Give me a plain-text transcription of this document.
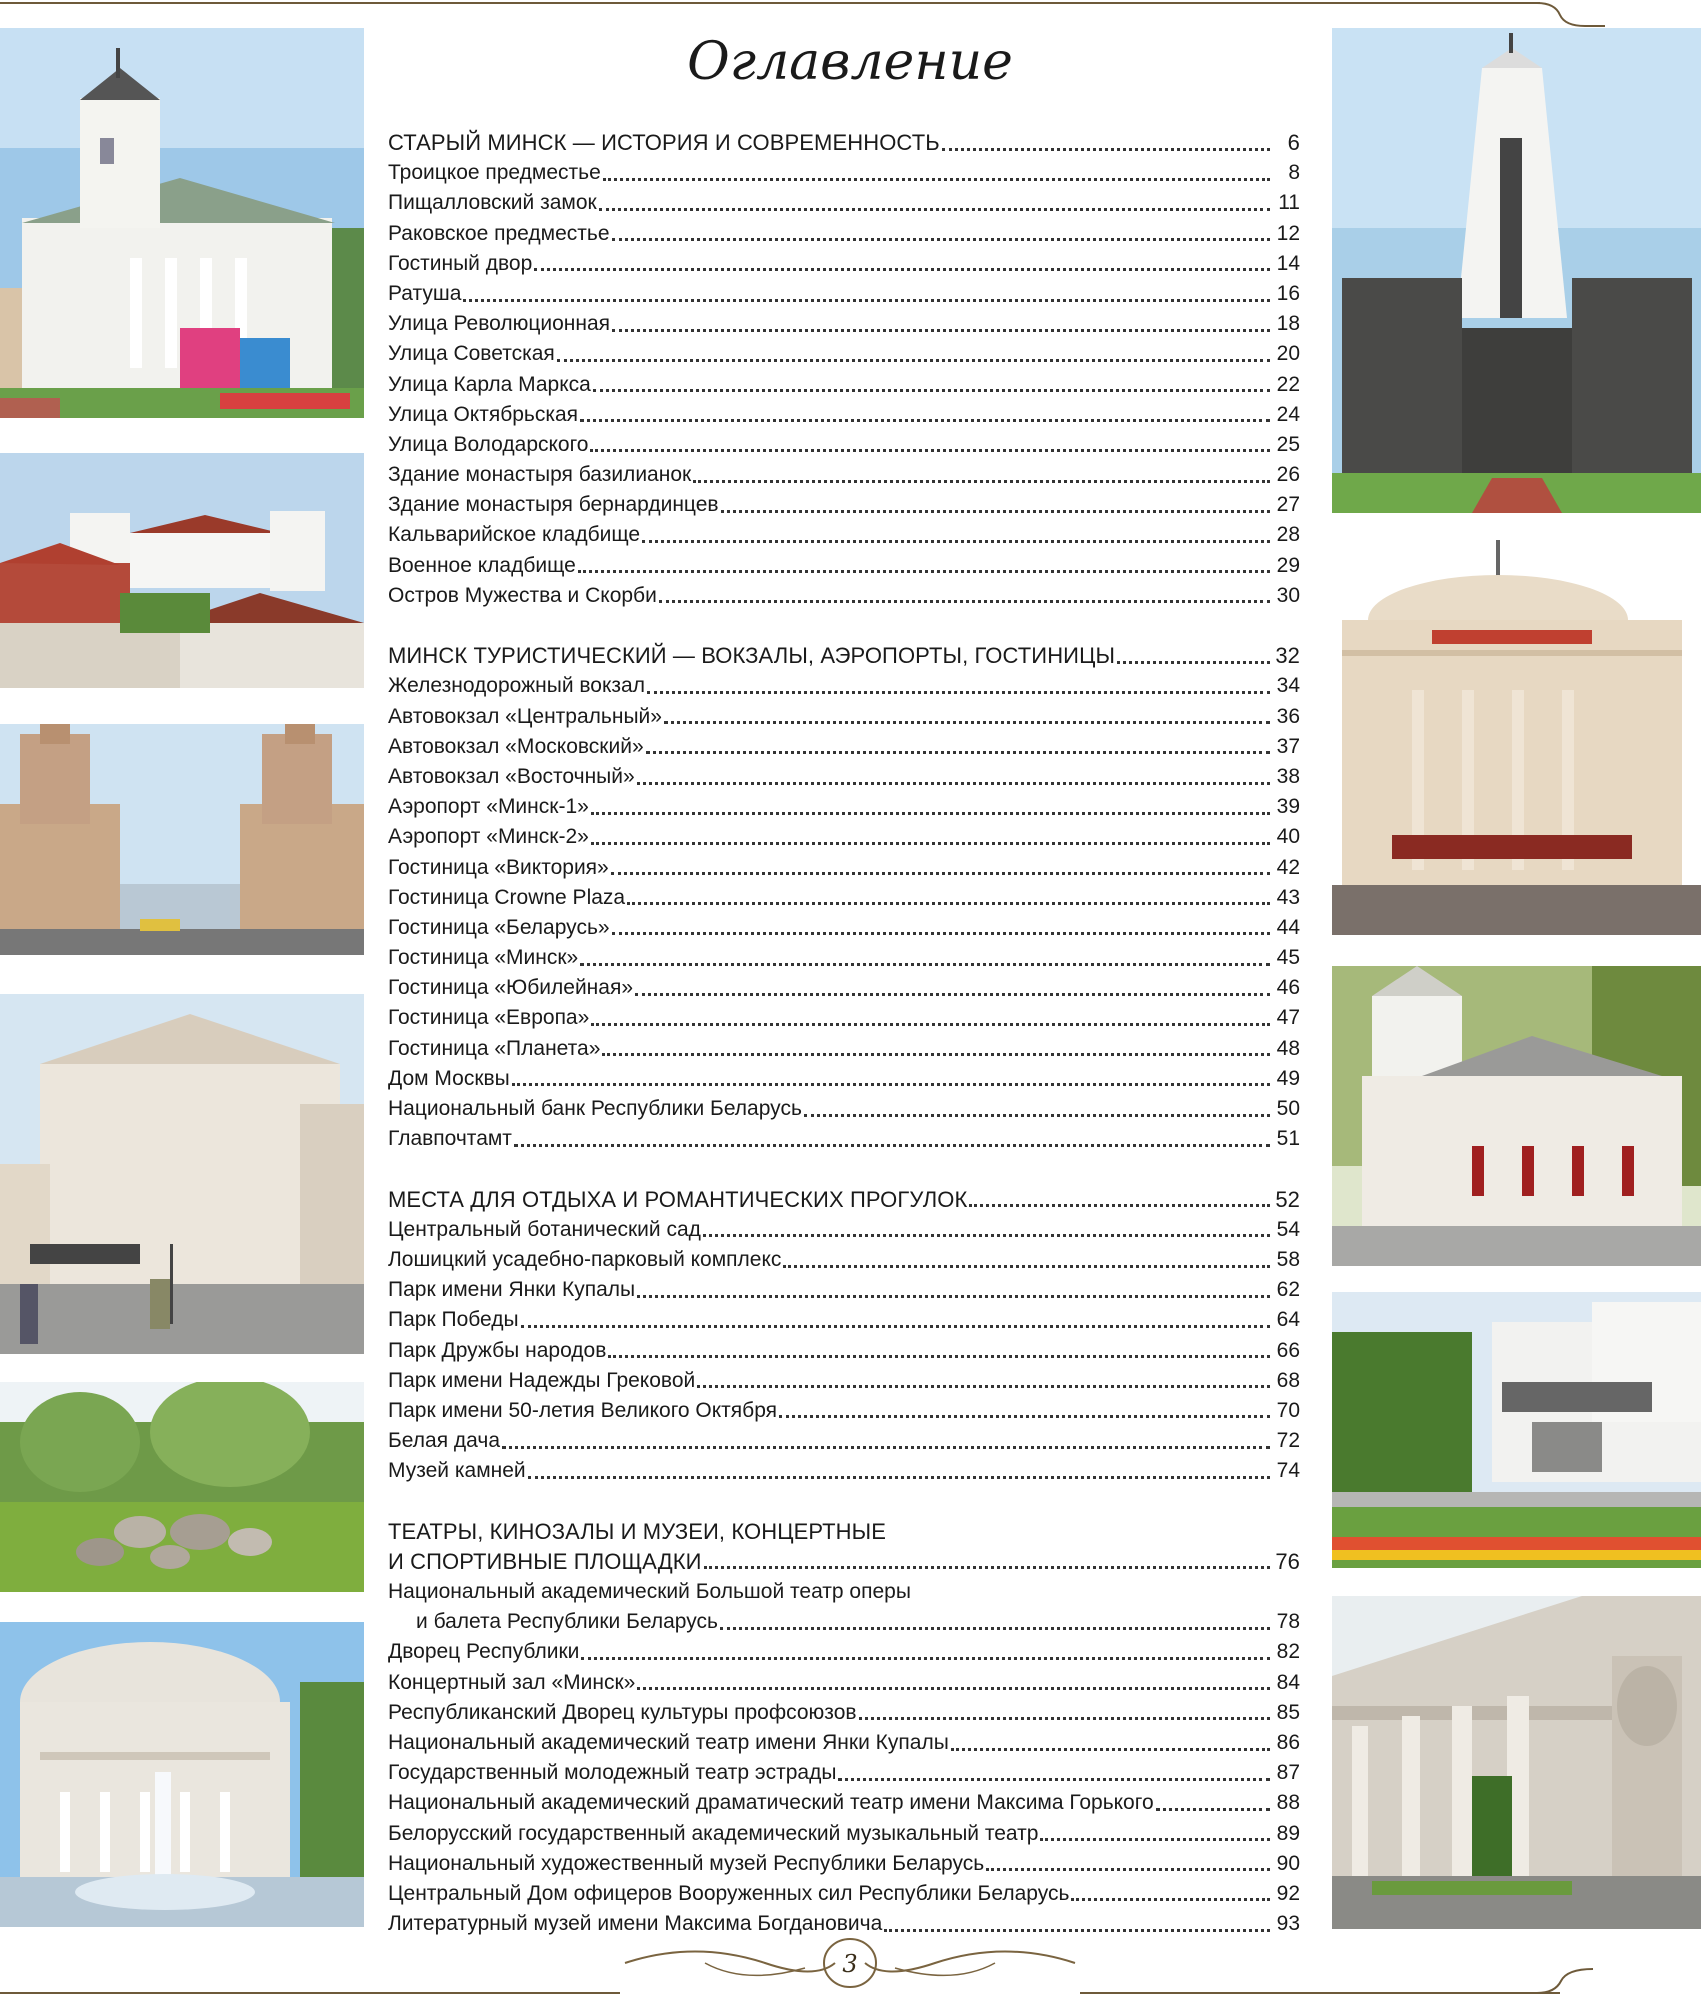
Оглавление
СТАРЫЙ МИНСК — ИСТОРИЯ И СОВРЕМЕННОСТЬ	6
Троицкое предместье	8
Пищалловский замок	11
Раковское предместье	12
Гостиный двор	14
Ратуша	16
Улица Революционная	18
Улица Советская	20
Улица Карла Маркса	22
Улица Октябрьская	24
Улица Володарского	25
Здание монастыря базилианок	26
Здание монастыря бернардинцев	27
Кальварийское кладбище	28
Военное кладбище	29
Остров Мужества и Скорби	30
МИНСК ТУРИСТИЧЕСКИЙ — ВОКЗАЛЫ, АЭРОПОРТЫ, ГОСТИНИЦЫ	32
Железнодорожный вокзал	34
Автовокзал «Центральный»	36
Автовокзал «Московский»	37
Автовокзал «Восточный»	38
Аэропорт «Минск-1»	39
Аэропорт «Минск-2»	40
Гостиница «Виктория»	42
Гостиница Crowne Plaza	43
Гостиница «Беларусь»	44
Гостиница «Минск»	45
Гостиница «Юбилейная»	46
Гостиница «Европа»	47
Гостиница «Планета»	48
Дом Москвы	49
Национальный банк Республики Беларусь	50
Главпочтамт	51
МЕСТА ДЛЯ ОТДЫХА И РОМАНТИЧЕСКИХ ПРОГУЛОК	52
Центральный ботанический сад	54
Лошицкий усадебно-парковый комплекс	58
Парк имени Янки Купалы	62
Парк Победы	64
Парк Дружбы народов	66
Парк имени Надежды Грековой	68
Парк имени 50-летия Великого Октября	70
Белая дача	72
Музей камней	74
ТЕАТРЫ, КИНОЗАЛЫ И МУЗЕИ, КОНЦЕРТНЫЕ
И СПОРТИВНЫЕ ПЛОЩАДКИ	76
Национальный академический Большой театр оперы
и балета Республики Беларусь	78
Дворец Республики	82
Концертный зал «Минск»	84
Республиканский Дворец культуры профсоюзов	85
Национальный академический театр имени Янки Купалы	86
Государственный молодежный театр эстрады	87
Национальный академический драматический театр имени Максима Горького	88
Белорусский государственный академический музыкальный театр	89
Национальный художественный музей Республики Беларусь	90
Центральный Дом офицеров Вооруженных сил Республики Беларусь	92
Литературный музей имени Максима Богдановича	93
3
